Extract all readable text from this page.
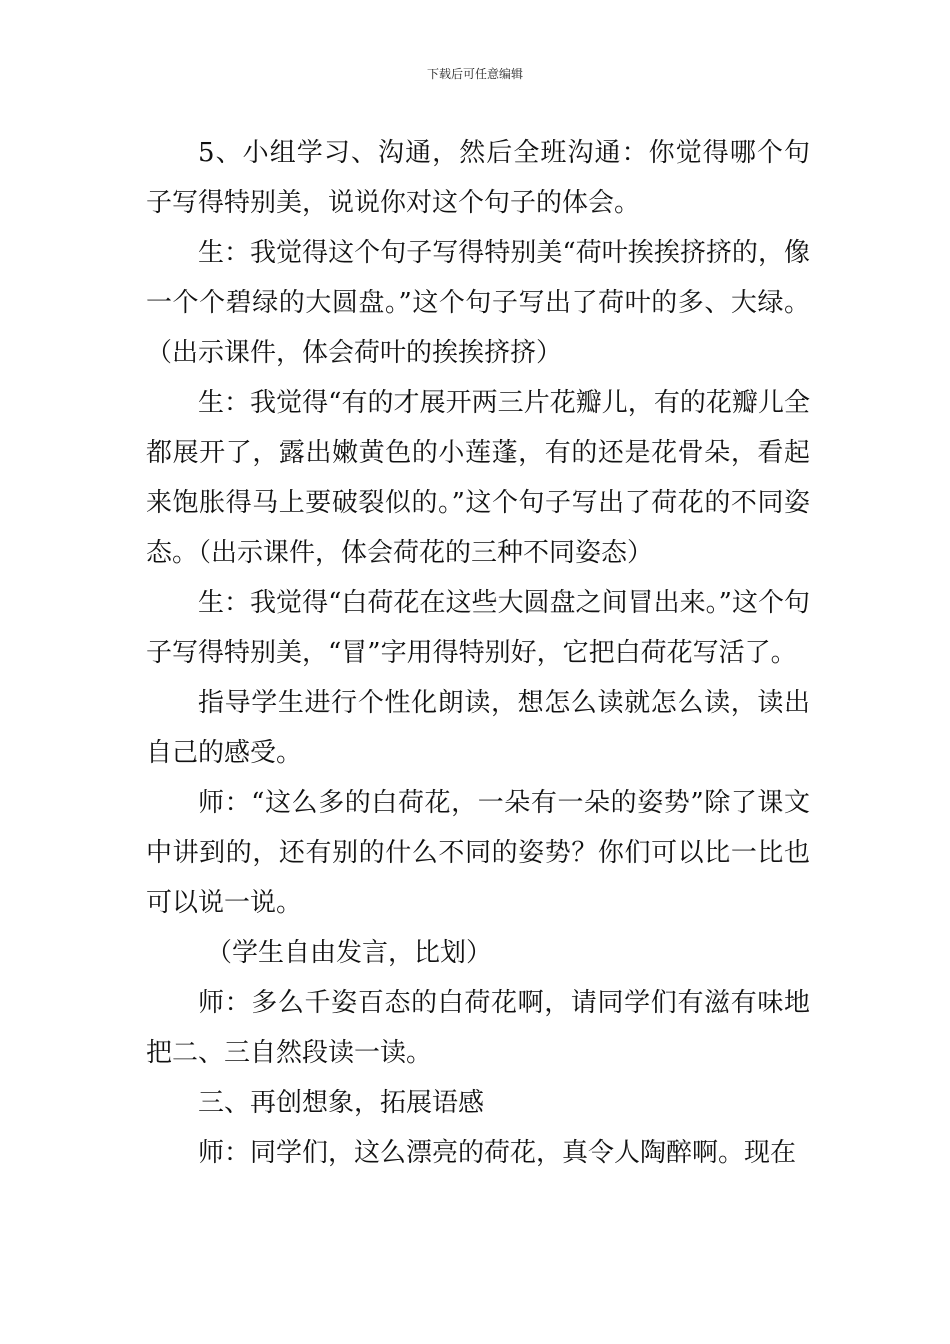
下载后可任意编辑

5、小组学习、沟通，然后全班沟通：你觉得哪个句子写得特别美，说说你对这个句子的体会。

生：我觉得这个句子写得特别美“荷叶挨挨挤挤的，像一个个碧绿的大圆盘。”这个句子写出了荷叶的多、大绿。（出示课件，体会荷叶的挨挨挤挤）

生：我觉得“有的才展开两三片花瓣儿，有的花瓣儿全都展开了，露出嫩黄色的小莲蓬，有的还是花骨朵，看起来饱胀得马上要破裂似的。”这个句子写出了荷花的不同姿态。（出示课件，体会荷花的三种不同姿态）

生：我觉得“白荷花在这些大圆盘之间冒出来。”这个句子写得特别美，“冒”字用得特别好，它把白荷花写活了。

指导学生进行个性化朗读，想怎么读就怎么读，读出自己的感受。

师：“这么多的白荷花，一朵有一朵的姿势”除了课文中讲到的，还有别的什么不同的姿势？你们可以比一比也可以说一说。

（学生自由发言，比划）

师：多么千姿百态的白荷花啊，请同学们有滋有味地把二、三自然段读一读。

三、再创想象，拓展语感

师：同学们，这么漂亮的荷花，真令人陶醉啊。现在
